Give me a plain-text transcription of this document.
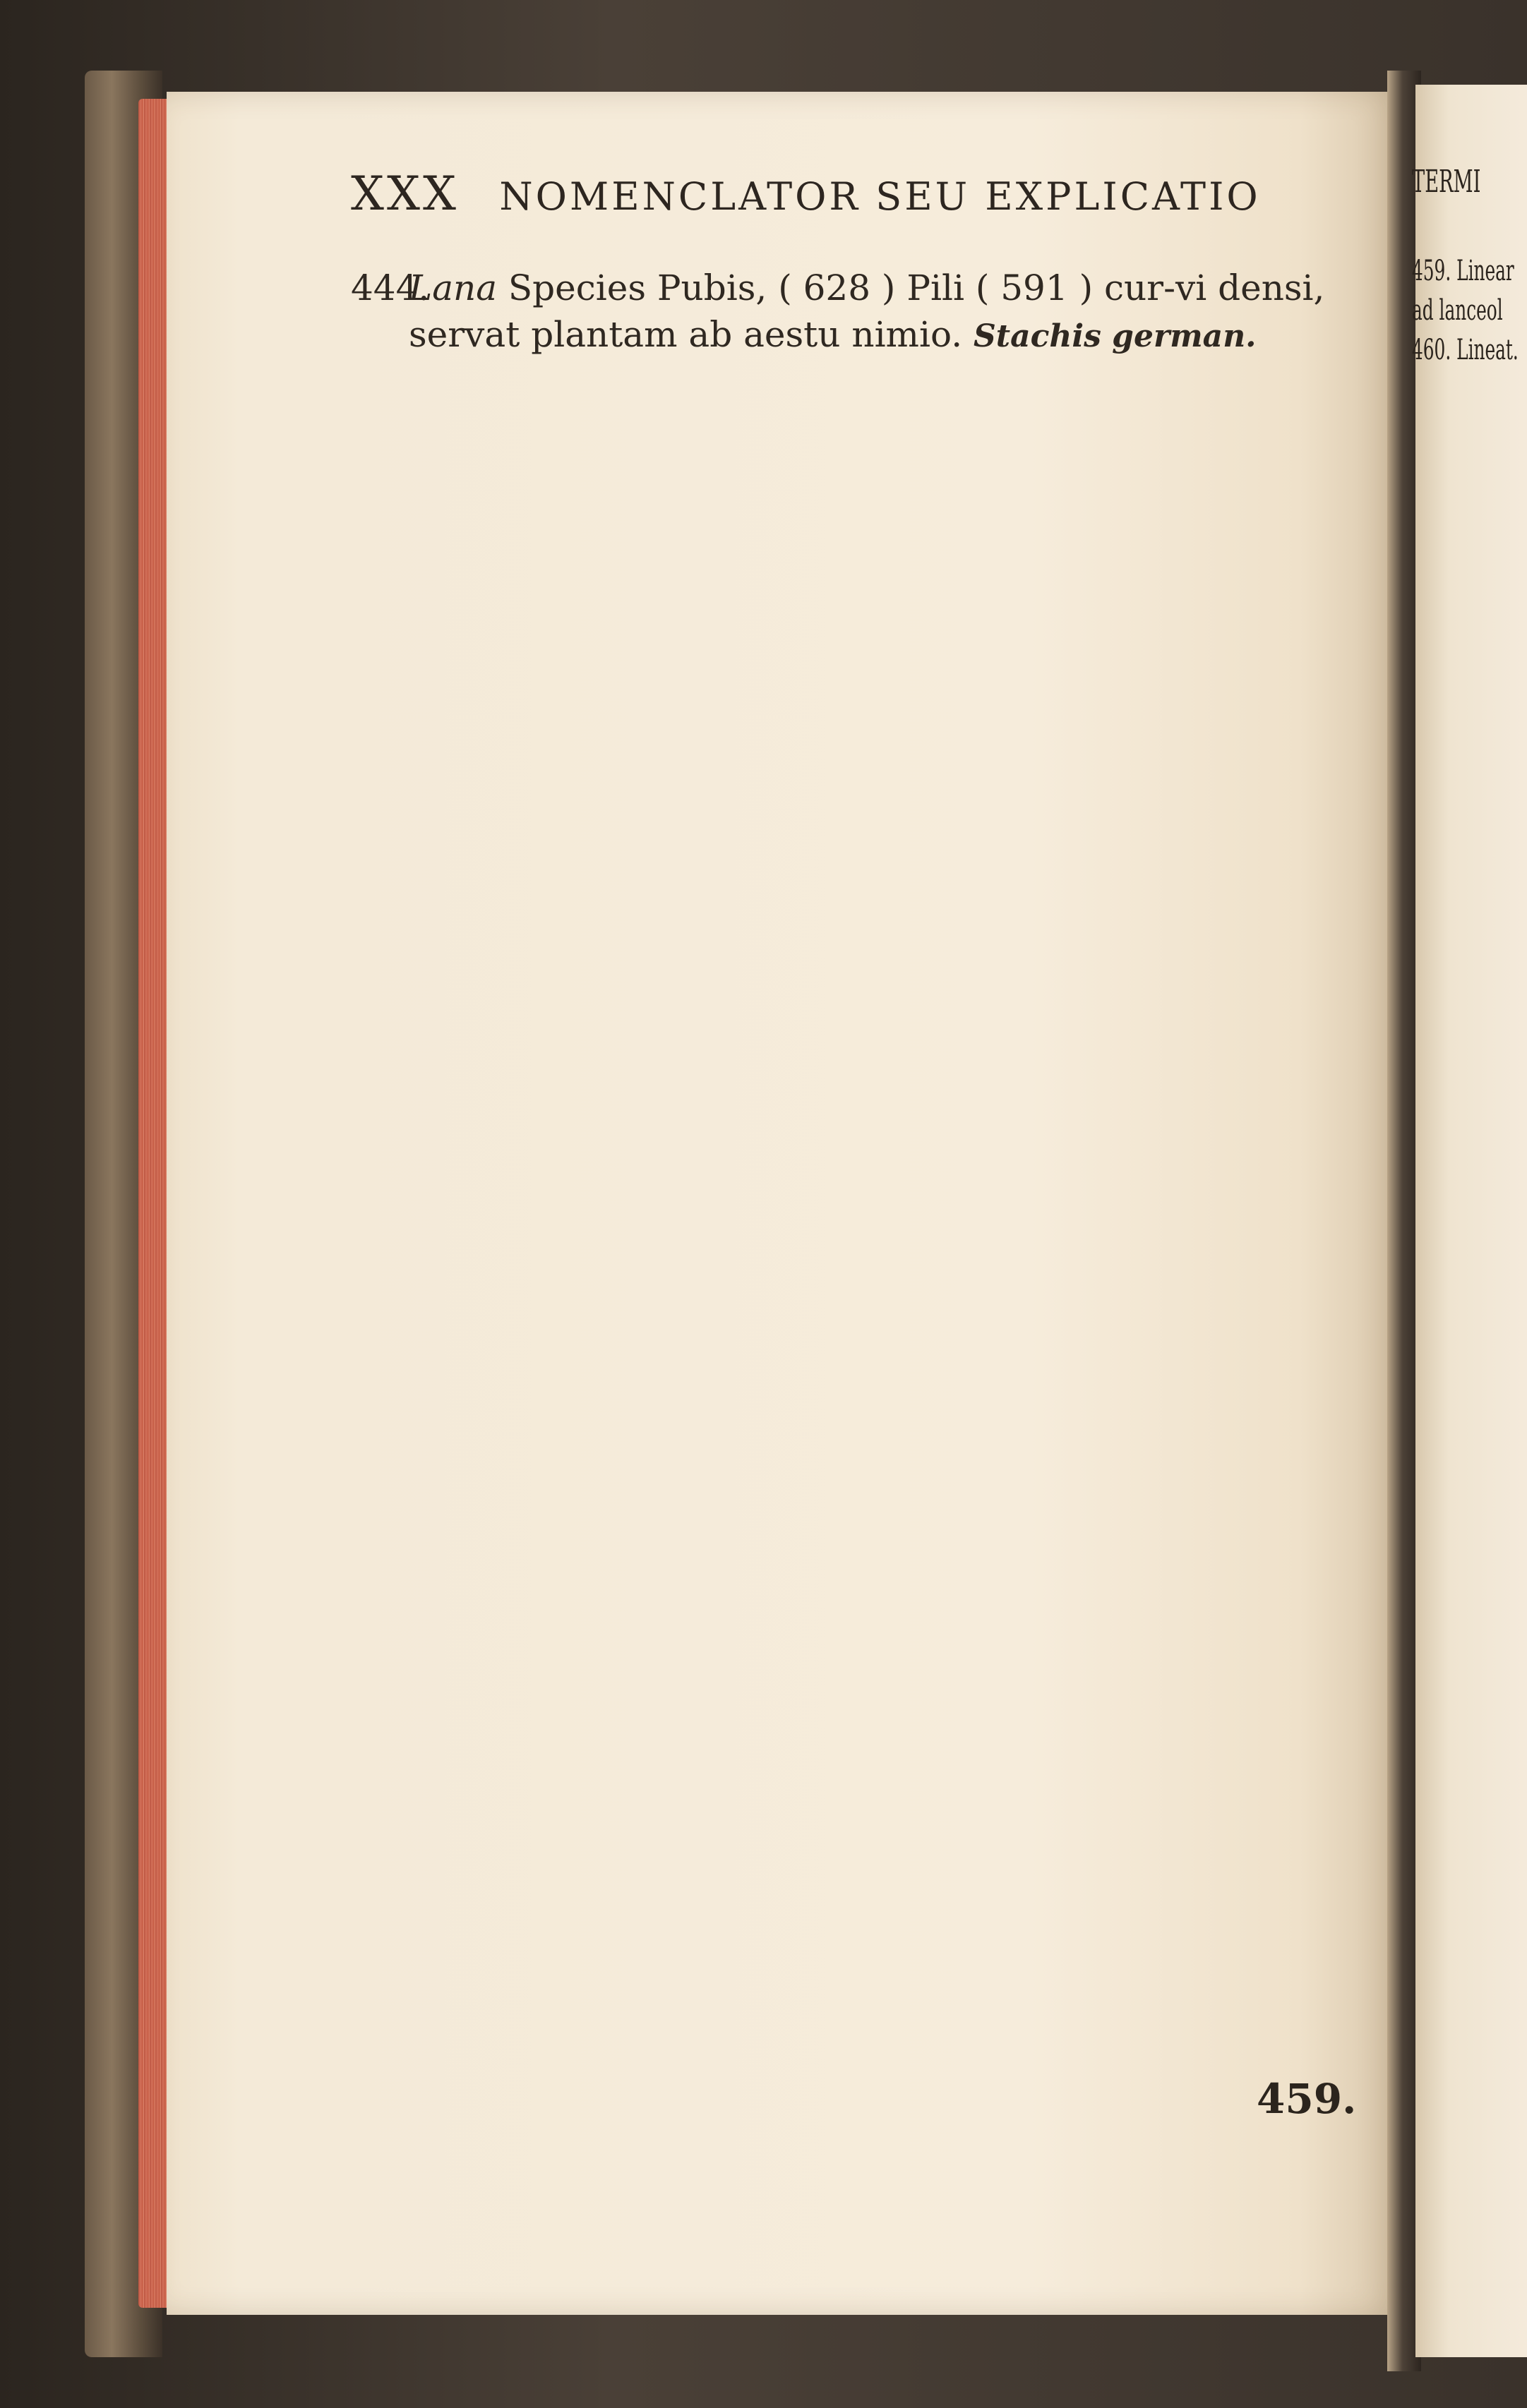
XXX NOMENCLATOR SEU EXPLICATIO
444.
Lana Species Pubis, ( 628 ) Pili ( 591 ) cur-vi densi, servat plantam ab aestu nimio. Stachis german.
459.
TERMI
459. Linear
ad lanceol
460. Lineat.
